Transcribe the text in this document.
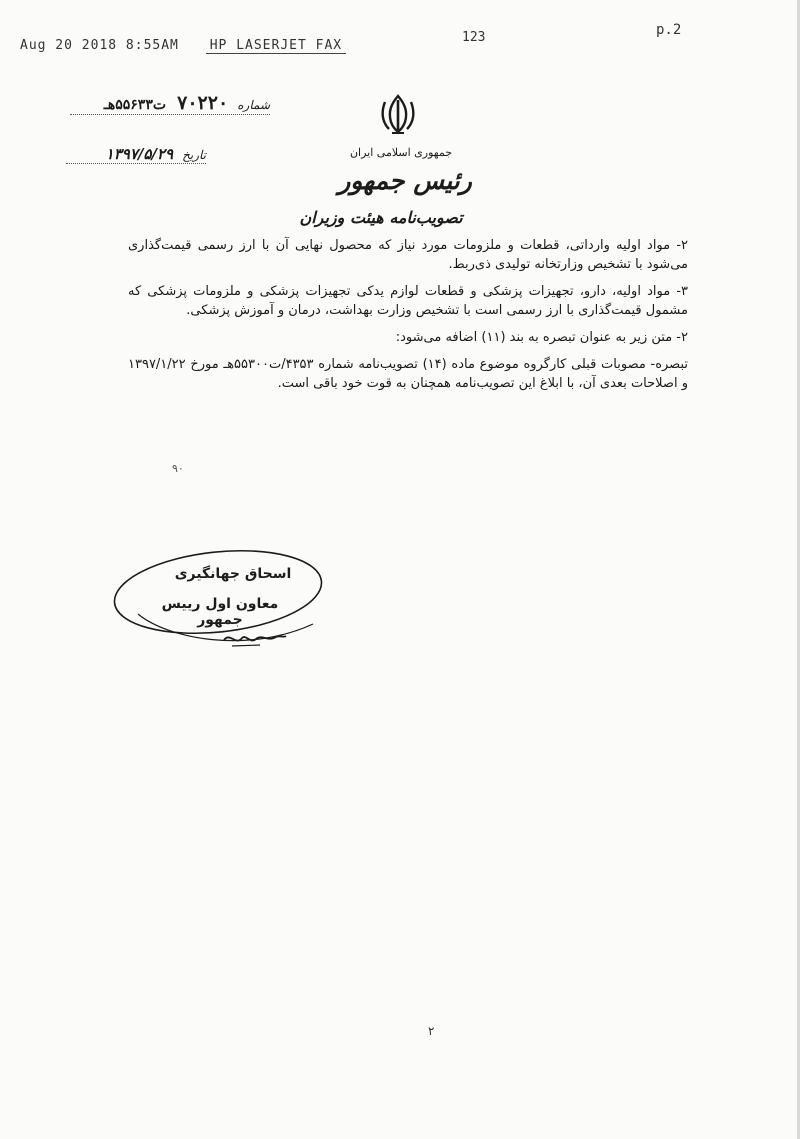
Aug 20 2018 8:55AM HP LASERJET FAX
123	p.2
جمهوری اسلامی ایران
رئیس جمهور
تصویب‌نامه هیئت وزیران
شماره ۷۰۲۲۰ ت۵۵۶۳۳هـ
تاریخ ۱۳۹۷/۵/۲۹

۲- مواد اولیه وارداتی، قطعات و ملزومات مورد نیاز که محصول نهایی آن با ارز رسمی قیمت‌گذاری می‌شود با تشخیص وزارتخانه تولیدی ذی‌ربط.

۳- مواد اولیه، دارو، تجهیزات پزشکی و قطعات لوازم یدکی تجهیزات پزشکی و ملزومات پزشکی که مشمول قیمت‌گذاری با ارز رسمی است با تشخیص وزارت بهداشت، درمان و آموزش پزشکی.

۲- متن زیر به عنوان تبصره به بند (۱۱) اضافه می‌شود:

تبصره- مصوبات قبلی کارگروه موضوع ماده (۱۴) تصویب‌نامه شماره ۴۳۵۳/ت۵۵۳۰۰هـ مورخ ۱۳۹۷/۱/۲۲ و اصلاحات بعدی آن، با ابلاغ این تصویب‌نامه همچنان به قوت خود باقی است.

۹۰
اسحاق جهانگیری
معاون اول رییس جمهور
۲
